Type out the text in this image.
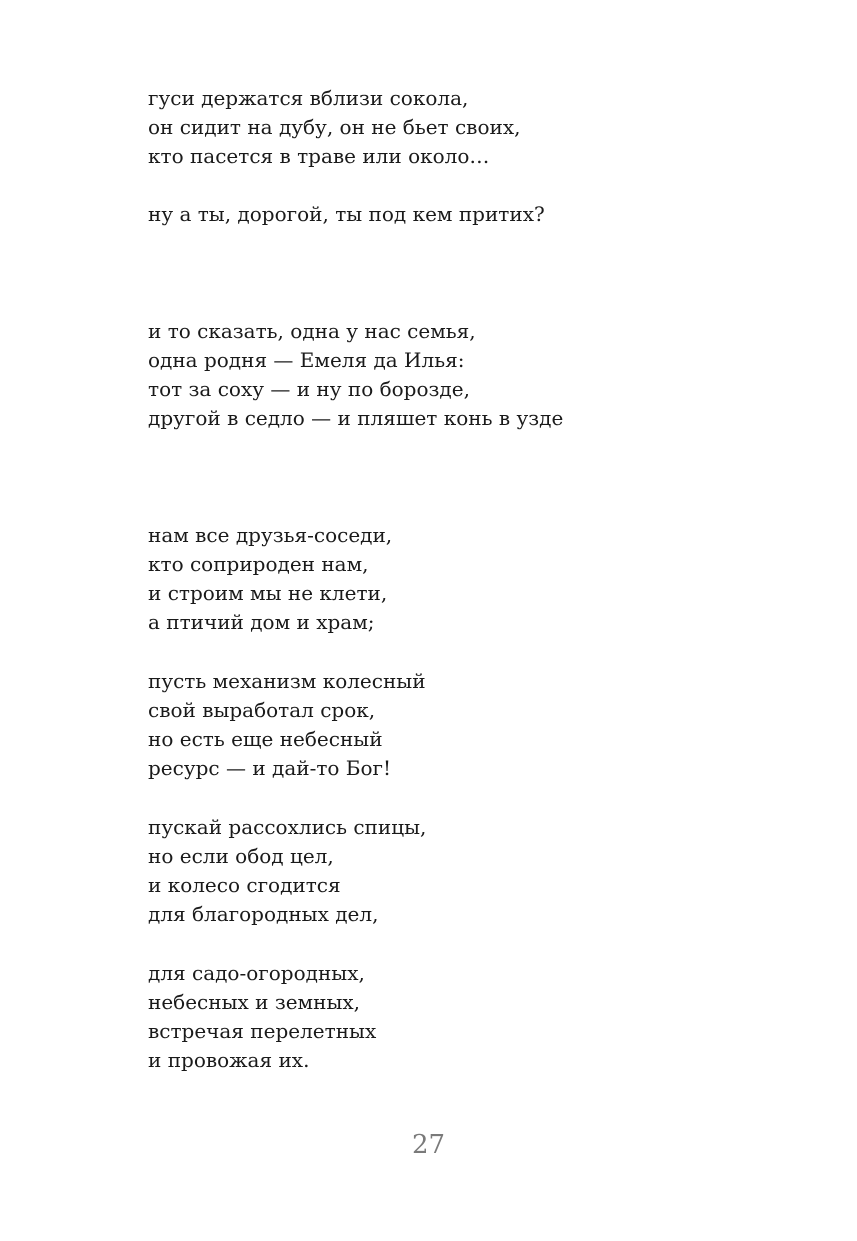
гуси держатся вблизи сокола,
он сидит на дубу, он не бьет своих,
кто пасется в траве или около…
ну а ты, дорогой, ты под кем притих?
и то сказать, одна у нас семья,
одна родня — Емеля да Илья:
тот за соху — и ну по борозде,
другой в седло — и пляшет конь в узде
нам все друзья-соседи,
кто соприроден нам,
и строим мы не клети,
а птичий дом и храм;
пусть механизм колесный
свой выработал срок,
но есть еще небесный
ресурс — и дай-то Бог!
пускай рассохлись спицы,
но если обод цел,
и колесо сгодится
для благородных дел,
для садо-огородных,
небесных и земных,
встречая перелетных
и провожая их.
27
